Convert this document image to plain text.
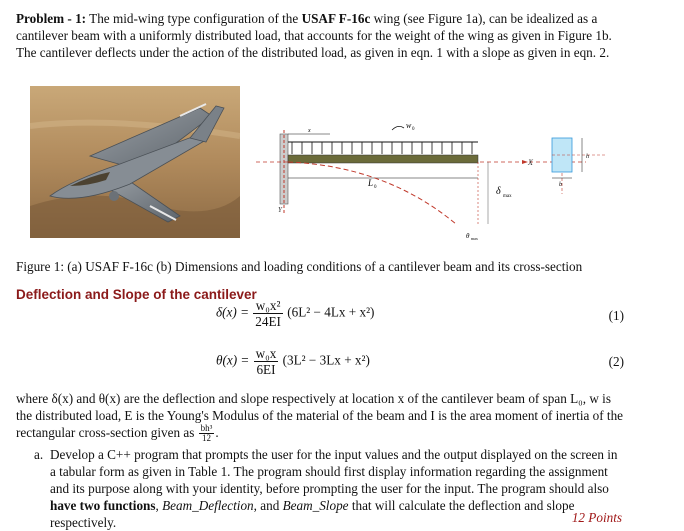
Problem - 1: The mid-wing type configuration of the USAF F-16c wing (see Figure 1a), can be idealized as a cantilever beam with a uniformly distributed load, that accounts for the weight of the wing as given in Figure 1b. The cantilever deflects under the action of the distributed load, as given in eqn. 1 with a slope as given in eqn. 2.
X
Y
w 0
x
L 0
θ max
δ max
h
b
Figure 1: (a) USAF F-16c (b) Dimensions and loading conditions of a cantilever beam and its cross-section
Deflection and Slope of the cantilever
$\delta(x) = \frac{\text{w₀x²}}{24EI} (6L^2 - 4Lx + x^2)$	(1)
$\theta(x) = \frac{\text{w₀x}}{6EI} (3L^2 - 3Lx + x^2)$	(2)
where δ(x) and θ(x) are the deflection and slope respectively at location x of the cantilever beam of span L₀, w is the distributed load, E is the Young's Modulus of the material of the beam and I is the area moment of inertia of the rectangular cross-section given as $\frac{\text{bh³}}{12}$ .
a. Develop a C++ program that prompts the user for the input values and the output displayed on the screen in a tabular form as given in Table 1. The program should first display information regarding the assignment and its purpose along with your identity, before prompting the user for the input. The program should also have two functions, Beam_Deflection, and Beam_Slope that will calculate the deflection and slope respectively.	12 Points
